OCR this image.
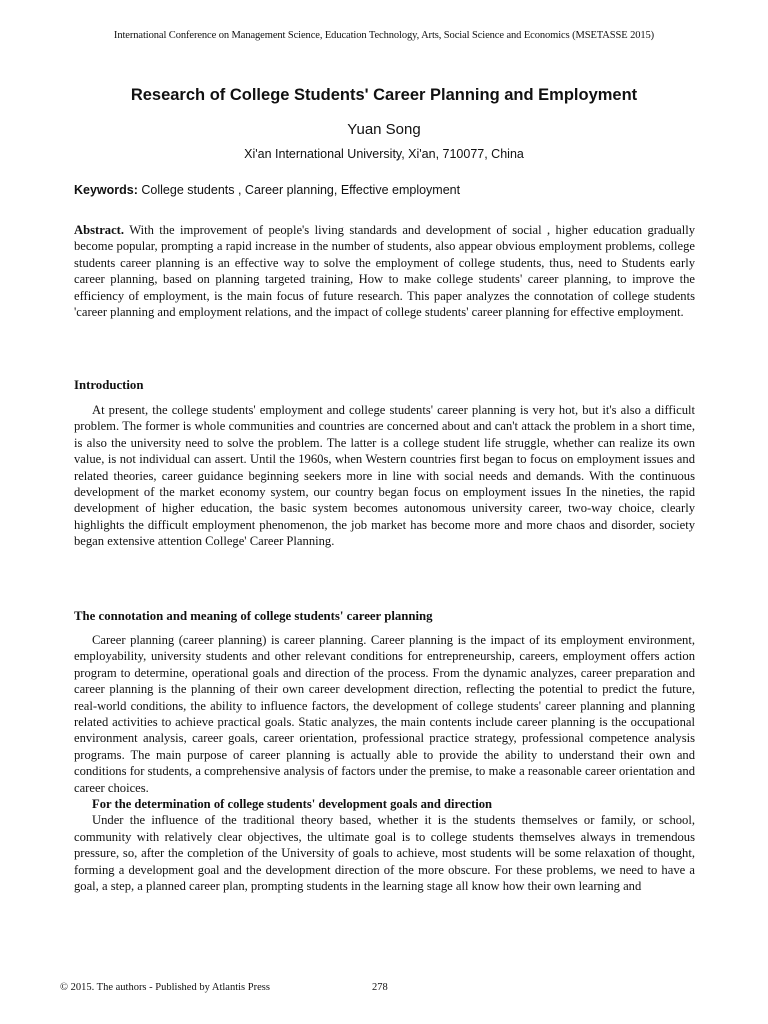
International Conference on Management Science, Education Technology, Arts, Social Science and Economics (MSETASSE 2015)
Research of College Students' Career Planning and Employment
Yuan Song
Xi'an International University, Xi'an, 710077, China
Keywords: College students , Career planning, Effective employment

Abstract. With the improvement of people's living standards and development of social , higher education gradually become popular, prompting a rapid increase in the number of students, also appear obvious employment problems, college students career planning is an effective way to solve the employment of college students, thus, need to Students early career planning, based on planning targeted training, How to make college students' career planning, to improve the efficiency of employment, is the main focus of future research. This paper analyzes the connotation of college students 'career planning and employment relations, and the impact of college students' career planning for effective employment.

Introduction

At present, the college students' employment and college students' career planning is very hot, but it's also a difficult problem. The former is whole communities and countries are concerned about and can't attack the problem in a short time, is also the university need to solve the problem. The latter is a college student life struggle, whether can realize its own value, is not individual can assert. Until the 1960s, when Western countries first began to focus on employment issues and related theories, career guidance beginning seekers more in line with social needs and demands. With the continuous development of the market economy system, our country began focus on employment issues In the nineties, the rapid development of higher education, the basic system becomes autonomous university career, two-way choice, clearly highlights the difficult employment phenomenon, the job market has become more and more chaos and disorder, society began extensive attention College' Career Planning.

The connotation and meaning of college students' career planning

Career planning (career planning) is career planning. Career planning is the impact of its employment environment, employability, university students and other relevant conditions for entrepreneurship, careers, employment offers action program to determine, operational goals and direction of the process. From the dynamic analyzes, career preparation and career planning is the planning of their own career development direction, reflecting the potential to predict the future, real-world conditions, the ability to influence factors, the development of college students' career planning and planning related activities to achieve practical goals. Static analyzes, the main contents include career planning is the occupational environment analysis, career goals, career orientation, professional practice strategy, professional competence analysis programs. The main purpose of career planning is actually able to provide the ability to understand their own and conditions for students, a comprehensive analysis of factors under the premise, to make a reasonable career orientation and career choices.

For the determination of college students' development goals and direction

Under the influence of the traditional theory based, whether it is the students themselves or family, or school, community with relatively clear objectives, the ultimate goal is to college students themselves always in tremendous pressure, so, after the completion of the University of goals to achieve, most students will be some relaxation of thought, forming a development goal and the development direction of the more obscure. For these problems, we need to have a goal, a step, a planned career plan, prompting students in the learning stage all know how their own learning and

© 2015. The authors - Published by Atlantis Press	278
